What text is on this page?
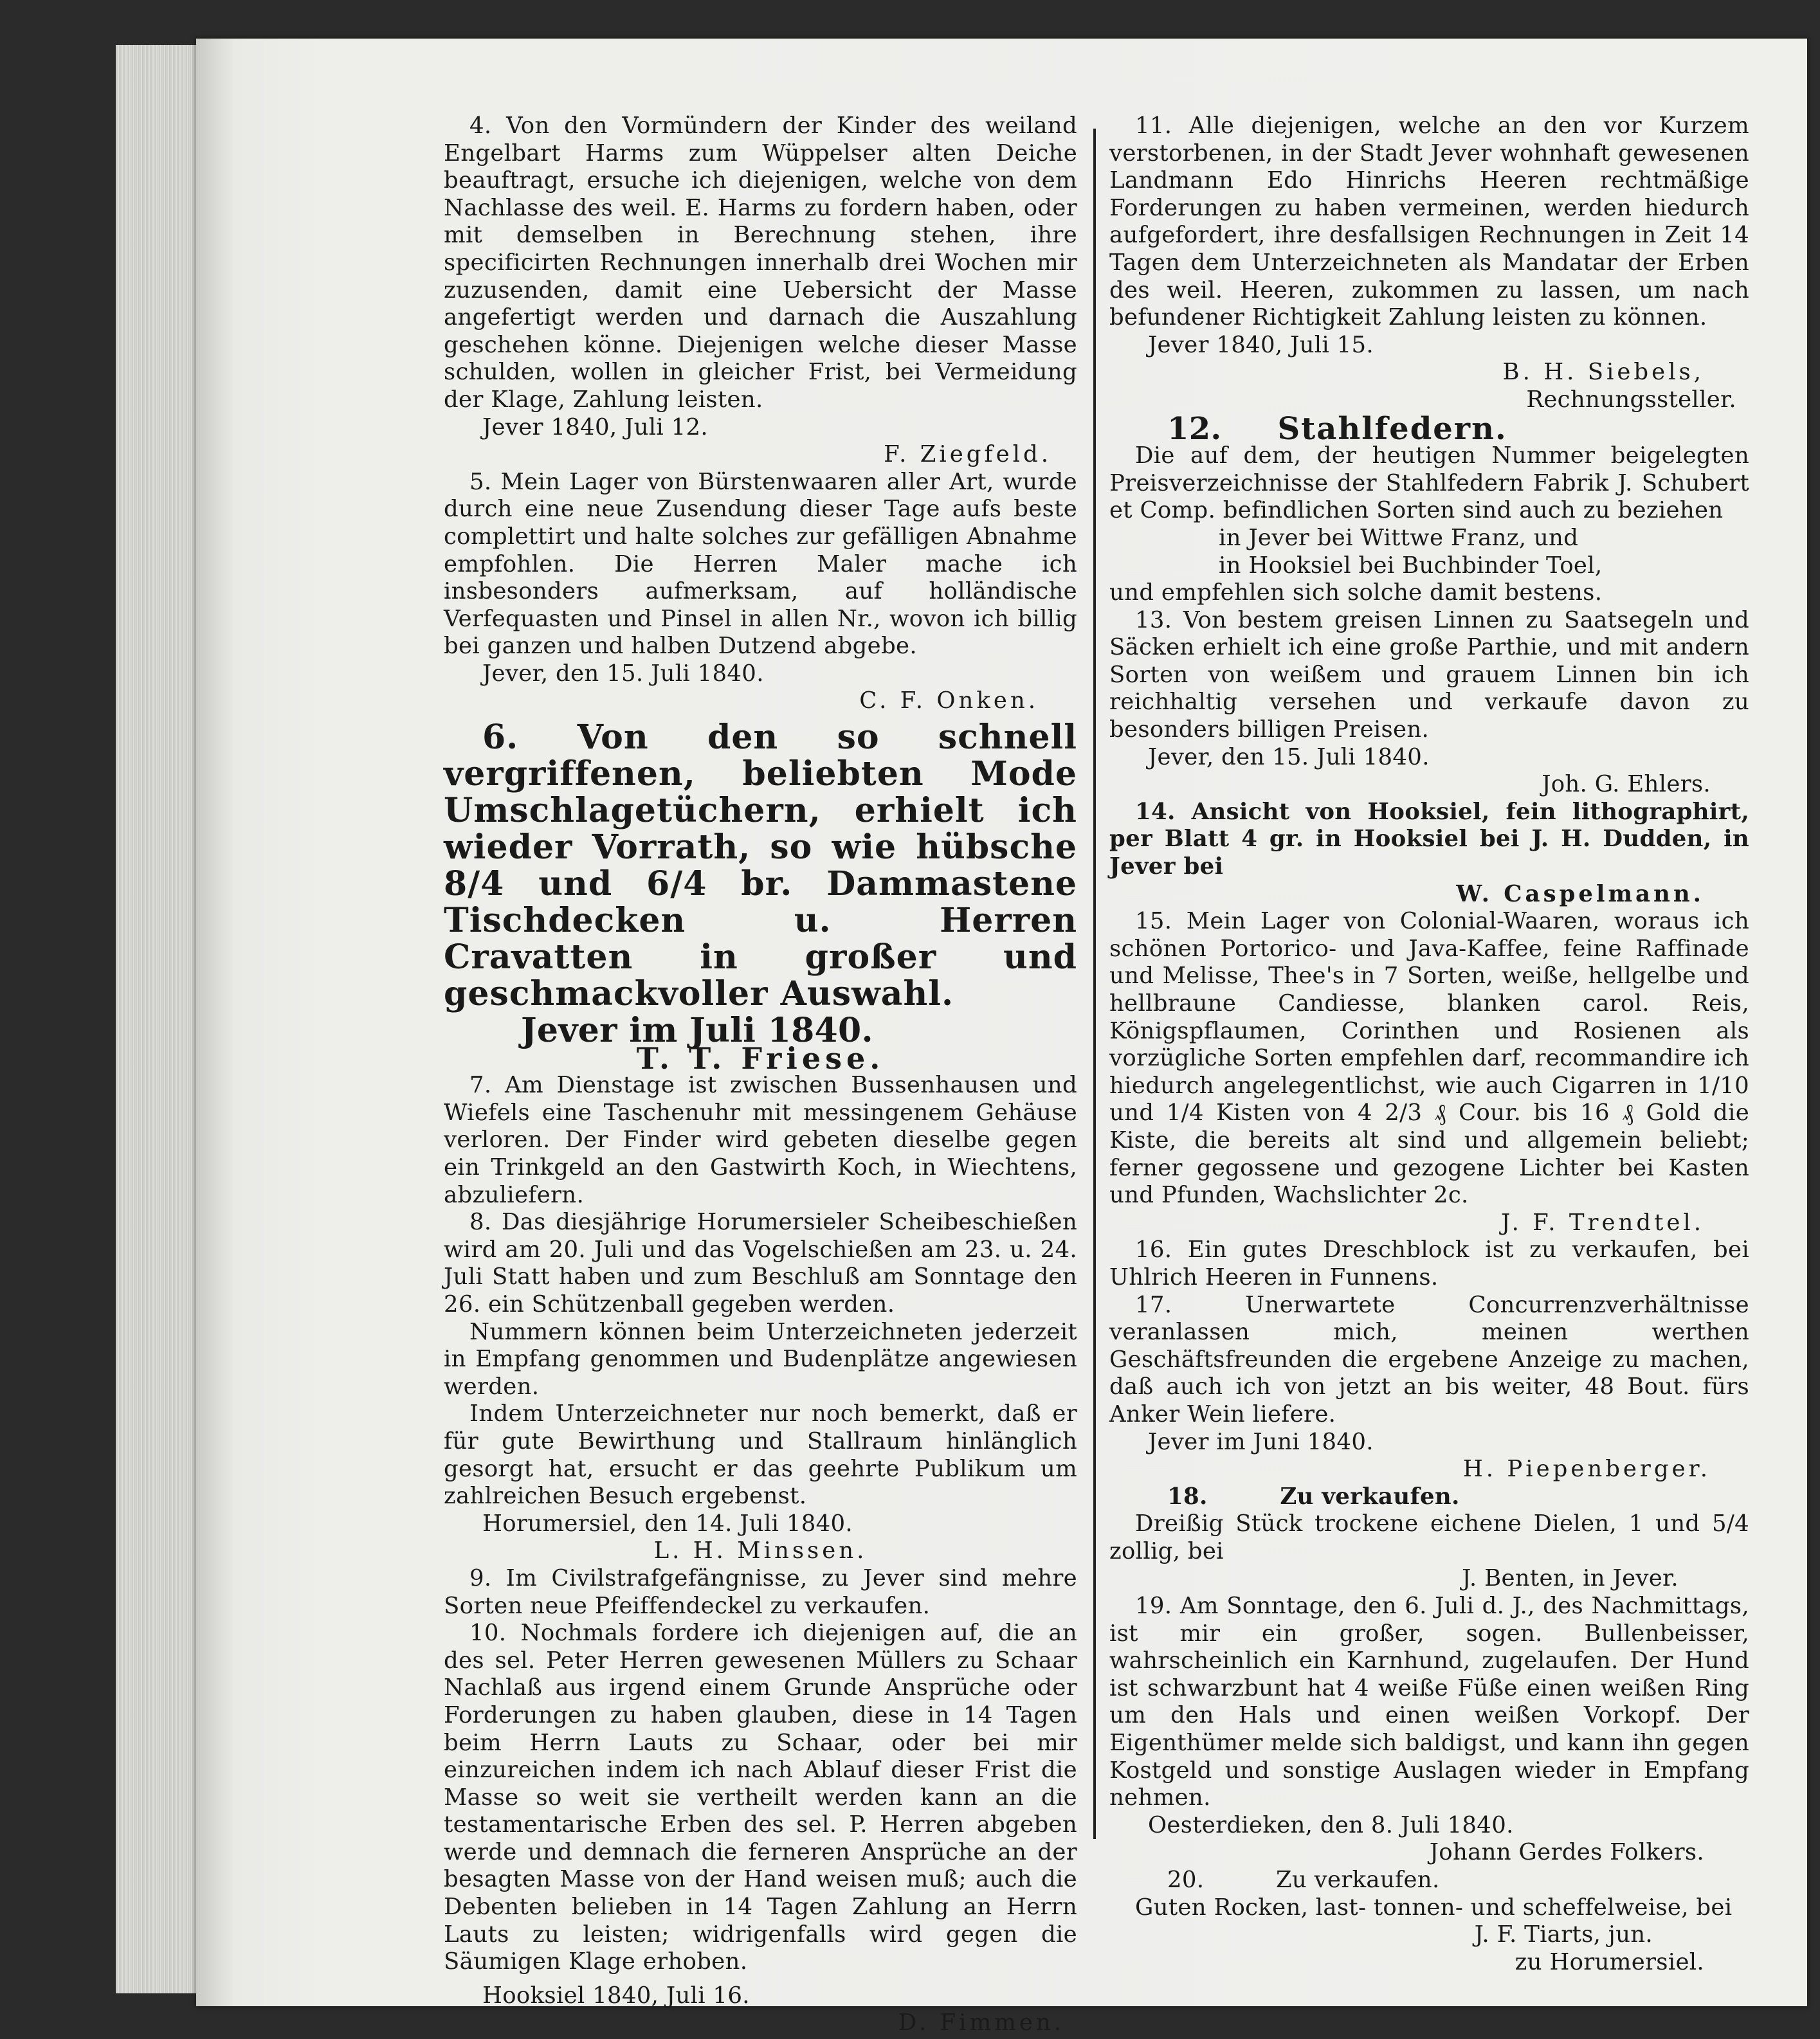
4. Von den Vormündern der Kinder des weiland Engelbart Harms zum Wüppelser alten Deiche beauftragt, ersuche ich diejenigen, welche von dem Nachlasse des weil. E. Harms zu fordern haben, oder mit demselben in Berechnung stehen, ihre specificirten Rechnungen innerhalb drei Wochen mir zuzusenden, damit eine Uebersicht der Masse angefertigt werden und darnach die Auszahlung geschehen könne. Diejenigen welche dieser Masse schulden, wollen in gleicher Frist, bei Vermeidung der Klage, Zahlung leisten.

Jever 1840, Juli 12.

F. Ziegfeld.

5. Mein Lager von Bürstenwaaren aller Art, wurde durch eine neue Zusendung dieser Tage aufs beste complettirt und halte solches zur gefälligen Abnahme empfohlen. Die Herren Maler mache ich insbesonders aufmerksam, auf holländische Verfequasten und Pinsel in allen Nr., wovon ich billig bei ganzen und halben Dutzend abgebe.

Jever, den 15. Juli 1840.

C. F. Onken.

6. Von den so schnell vergriffenen, beliebten Mode Umschlagetüchern, erhielt ich wieder Vorrath, so wie hübsche 8/4 und 6/4 br. Dammastene Tischdecken u. Herren Cravatten in großer und geschmackvoller Auswahl.

Jever im Juli 1840.

T. T. Friese.

7. Am Dienstage ist zwischen Bussenhausen und Wiefels eine Taschenuhr mit messingenem Gehäuse verloren. Der Finder wird gebeten dieselbe gegen ein Trinkgeld an den Gastwirth Koch, in Wiechtens, abzuliefern.

8. Das diesjährige Horumersieler Scheibeschießen wird am 20. Juli und das Vogelschießen am 23. u. 24. Juli Statt haben und zum Beschluß am Sonntage den 26. ein Schützenball gegeben werden.

Nummern können beim Unterzeichneten jederzeit in Empfang genommen und Budenplätze angewiesen werden.

Indem Unterzeichneter nur noch bemerkt, daß er für gute Bewirthung und Stallraum hinlänglich gesorgt hat, ersucht er das geehrte Publikum um zahlreichen Besuch ergebenst.

Horumersiel, den 14. Juli 1840.

L. H. Minssen.

9. Im Civilstrafgefängnisse, zu Jever sind mehre Sorten neue Pfeiffendeckel zu verkaufen.

10. Nochmals fordere ich diejenigen auf, die an des sel. Peter Herren gewesenen Müllers zu Schaar Nachlaß aus irgend einem Grunde Ansprüche oder Forderungen zu haben glauben, diese in 14 Tagen beim Herrn Lauts zu Schaar, oder bei mir einzureichen indem ich nach Ablauf dieser Frist die Masse so weit sie vertheilt werden kann an die testamentarische Erben des sel. P. Herren abgeben werde und demnach die ferneren Ansprüche an der besagten Masse von der Hand weisen muß; auch die Debenten belieben in 14 Tagen Zahlung an Herrn Lauts zu leisten; widrigenfalls wird gegen die Säumigen Klage erhoben.

Hooksiel 1840, Juli 16.

D. Fimmen.

11. Alle diejenigen, welche an den vor Kurzem verstorbenen, in der Stadt Jever wohnhaft gewesenen Landmann Edo Hinrichs Heeren rechtmäßige Forderungen zu haben vermeinen, werden hiedurch aufgefordert, ihre desfallsigen Rechnungen in Zeit 14 Tagen dem Unterzeichneten als Mandatar der Erben des weil. Heeren, zukommen zu lassen, um nach befundener Richtigkeit Zahlung leisten zu können.

Jever 1840, Juli 15.

B. H. Siebels,

Rechnungssteller.

12. Stahlfedern.

Die auf dem, der heutigen Nummer beigelegten Preisverzeichnisse der Stahlfedern Fabrik J. Schubert et Comp. befindlichen Sorten sind auch zu beziehen

in Jever bei Wittwe Franz, und

in Hooksiel bei Buchbinder Toel,

und empfehlen sich solche damit bestens.

13. Von bestem greisen Linnen zu Saatsegeln und Säcken erhielt ich eine große Parthie, und mit andern Sorten von weißem und grauem Linnen bin ich reichhaltig versehen und verkaufe davon zu besonders billigen Preisen.

Jever, den 15. Juli 1840.

Joh. G. Ehlers.

14. Ansicht von Hooksiel, fein lithographirt, per Blatt 4 gr. in Hooksiel bei J. H. Dudden, in Jever bei

W. Caspelmann.

15. Mein Lager von Colonial-Waaren, woraus ich schönen Portorico- und Java-Kaffee, feine Raffinade und Melisse, Thee's in 7 Sorten, weiße, hellgelbe und hellbraune Candiesse, blanken carol. Reis, Königspflaumen, Corinthen und Rosienen als vorzügliche Sorten empfehlen darf, recommandire ich hiedurch angelegentlichst, wie auch Cigarren in 1/10 und 1/4 Kisten von 4 2/3 ₰ Cour. bis 16 ₰ Gold die Kiste, die bereits alt sind und allgemein beliebt; ferner gegossene und gezogene Lichter bei Kasten und Pfunden, Wachslichter 2c.

J. F. Trendtel.

16. Ein gutes Dreschblock ist zu verkaufen, bei Uhlrich Heeren in Funnens.

17. Unerwartete Concurrenzverhältnisse veranlassen mich, meinen werthen Geschäftsfreunden die ergebene Anzeige zu machen, daß auch ich von jetzt an bis weiter, 48 Bout. fürs Anker Wein liefere.

Jever im Juni 1840.

H. Piepenberger.

18.	Zu verkaufen.

Dreißig Stück trockene eichene Dielen, 1 und 5/4 zollig, bei

J. Benten, in Jever.

19. Am Sonntage, den 6. Juli d. J., des Nachmittags, ist mir ein großer, sogen. Bullenbeisser, wahrscheinlich ein Karnhund, zugelaufen. Der Hund ist schwarzbunt hat 4 weiße Füße einen weißen Ring um den Hals und einen weißen Vorkopf. Der Eigenthümer melde sich baldigst, und kann ihn gegen Kostgeld und sonstige Auslagen wieder in Empfang nehmen.

Oesterdieken, den 8. Juli 1840.

Johann Gerdes Folkers.

20.	Zu verkaufen.

Guten Rocken, last- tonnen- und scheffelweise, bei

J. F. Tiarts, jun.

zu Horumersiel.
